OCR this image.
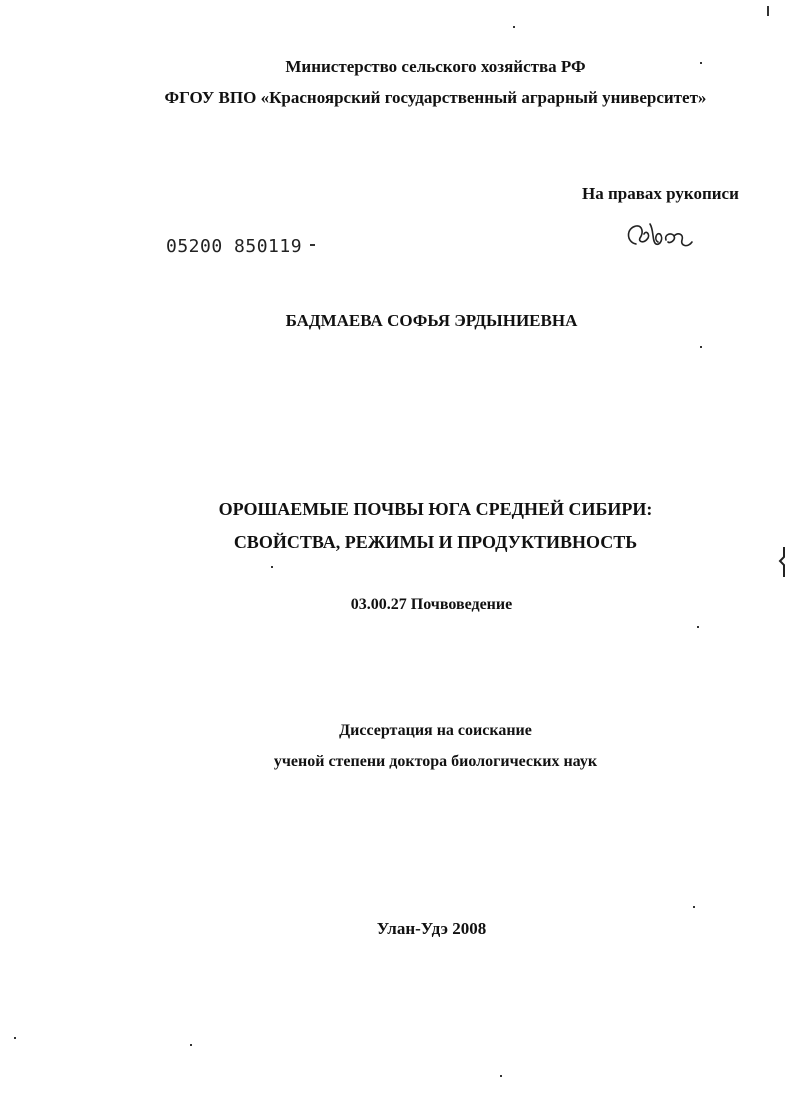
Министерство сельского хозяйства РФ
ФГОУ ВПО «Красноярский государственный аграрный университет»
На правах рукописи
05200 850119
БАДМАЕВА СОФЬЯ ЭРДЫНИЕВНА
ОРОШАЕМЫЕ ПОЧВЫ ЮГА СРЕДНЕЙ СИБИРИ:
СВОЙСТВА, РЕЖИМЫ И ПРОДУКТИВНОСТЬ
03.00.27 Почвоведение
Диссертация на соискание
ученой степени доктора биологических наук
Улан-Удэ 2008
